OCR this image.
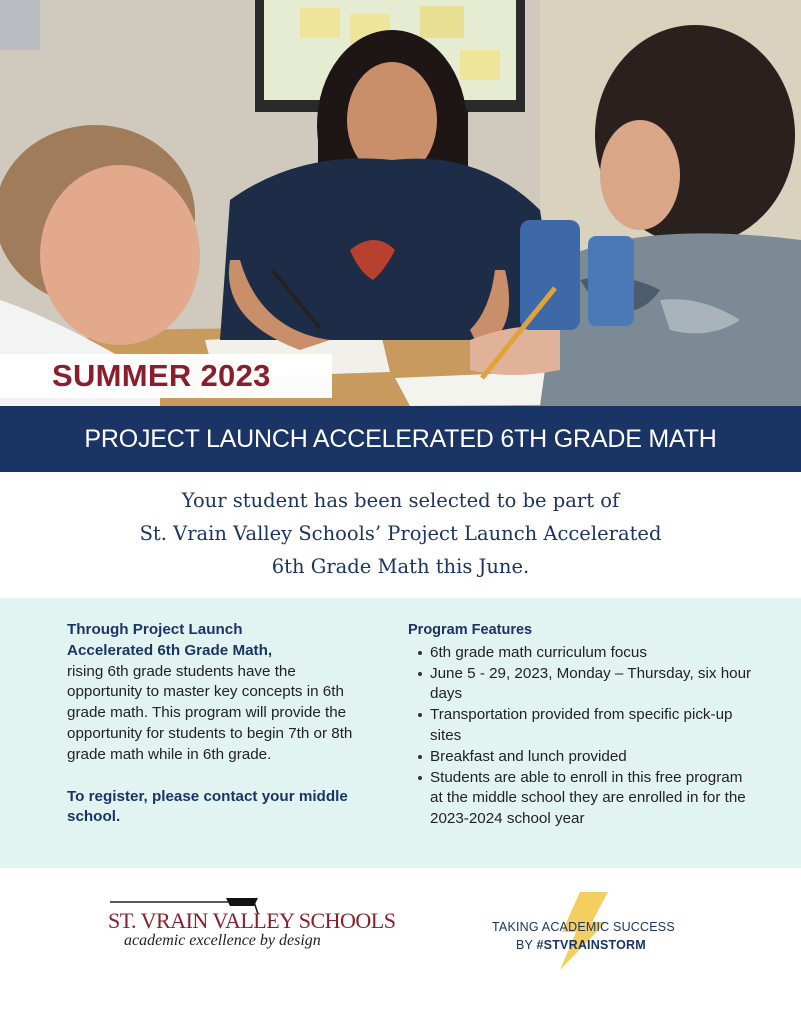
SUMMER 2023
PROJECT LAUNCH ACCELERATED 6TH GRADE MATH
Your student has been selected to be part of
St. Vrain Valley Schools’ Project Launch Accelerated
6th Grade Math this June.
Through Project Launch
Accelerated 6th Grade Math,
rising 6th grade students have the opportunity to master key concepts in 6th grade math. This program will provide the opportunity for students to begin 7th or 8th grade math while in 6th grade.
To register, please contact your middle school.
Program Features
6th grade math curriculum focus
June 5 - 29, 2023, Monday – Thursday, six hour days
Transportation provided from specific pick-up sites
Breakfast and lunch provided
Students are able to enroll in this free program at the middle school they are enrolled in for the 2023-2024 school year
ST. VRAIN VALLEY SCHOOLS
academic excellence by design
TAKING ACADEMIC SUCCESS
BY #STVRAINSTORM
